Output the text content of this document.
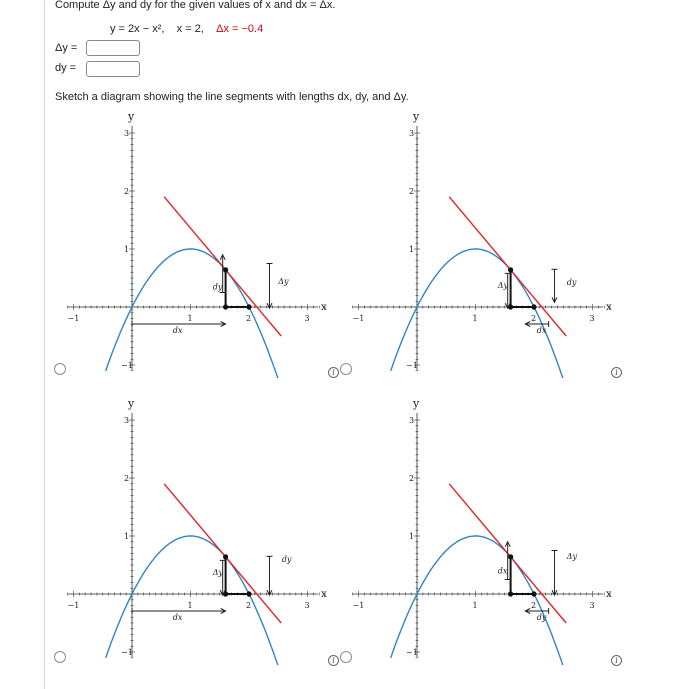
Compute Δy and dy for the given values of x and dx = Δx.
y = 2x − x², x = 2, Δx = −0.4
Δy =
dy =
Sketch a diagram showing the line segments with lengths dx, dy, and Δy.
y
x
−1	1	2	3
3
2
1
−1
dy
Δy
dx
y
x
−1	1	2	3
3
2
1
−1
Δy	dy
dx
y
x
−1	1	2	3
3
2
1
−1
Δy
dy
dx
y
x
−1	1	2	3
3
2
1
−1
dx
Δy
dy
i	i
i	i
